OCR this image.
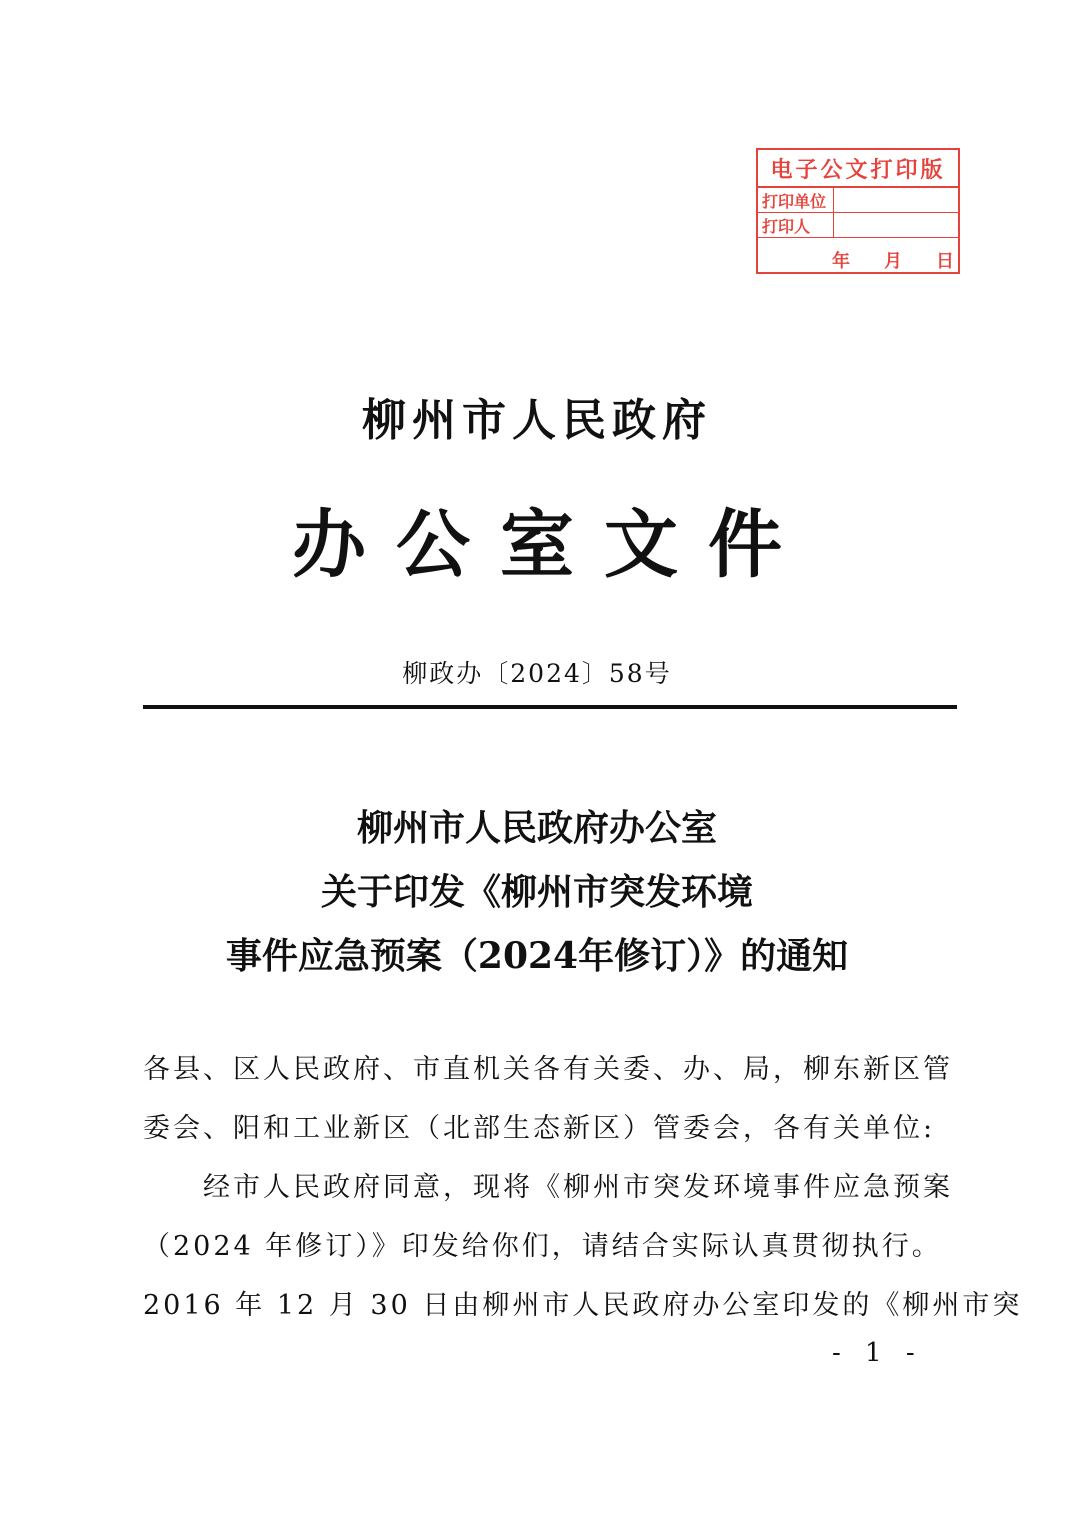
电子公文打印版
打印单位
打印人
年 月 日
柳州市人民政府
办公室文件
柳政办〔2024〕58号
柳州市人民政府办公室
关于印发《柳州市突发环境
事件应急预案（2024年修订）》的通知
各县、区人民政府、市直机关各有关委、办、局，柳东新区管
委会、阳和工业新区（北部生态新区）管委会，各有关单位:
经市人民政府同意，现将《柳州市突发环境事件应急预案
（2024 年修订）》印发给你们，请结合实际认真贯彻执行。
2016 年 12 月 30 日由柳州市人民政府办公室印发的《柳州市突
- 1 -
